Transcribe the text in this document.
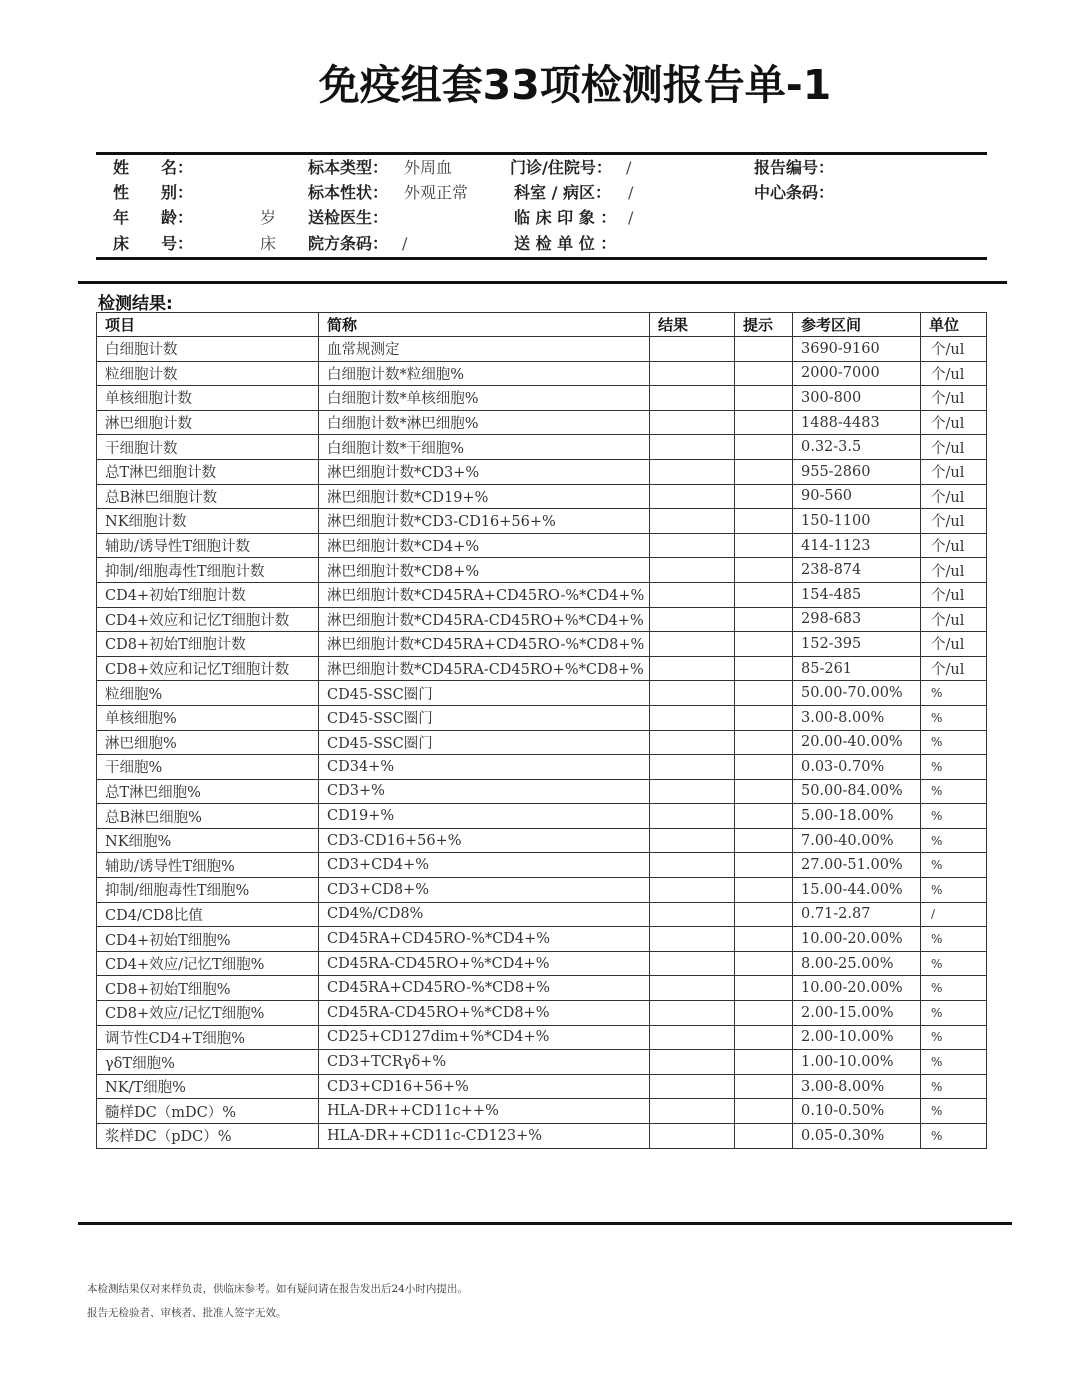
免疫组套33项检测报告单-1
姓　　名：
性　　别：
年　　龄：	岁
床　　号：	床
标本类型： 外周血
标本性状： 外观正常
送检医生：
院方条码： /
门诊/住院号： /
科室 / 病区： /
临 床 印 象 ： /
送 检 单 位 ：
报告编号：
中心条码：
检测结果:
项目	简称	结果	提示	参考区间	单位
白细胞计数	血常规测定			3690-9160	个/ul
粒细胞计数	白细胞计数*粒细胞%			2000-7000	个/ul
单核细胞计数	白细胞计数*单核细胞%			300-800	个/ul
淋巴细胞计数	白细胞计数*淋巴细胞%			1488-4483	个/ul
干细胞计数	白细胞计数*干细胞%			0.32-3.5	个/ul
总T淋巴细胞计数	淋巴细胞计数*CD3+%			955-2860	个/ul
总B淋巴细胞计数	淋巴细胞计数*CD19+%			90-560	个/ul
NK细胞计数	淋巴细胞计数*CD3-CD16+56+%			150-1100	个/ul
辅助/诱导性T细胞计数	淋巴细胞计数*CD4+%			414-1123	个/ul
抑制/细胞毒性T细胞计数	淋巴细胞计数*CD8+%			238-874	个/ul
CD4+初始T细胞计数	淋巴细胞计数*CD45RA+CD45RO-%*CD4+%			154-485	个/ul
CD4+效应和记忆T细胞计数	淋巴细胞计数*CD45RA-CD45RO+%*CD4+%			298-683	个/ul
CD8+初始T细胞计数	淋巴细胞计数*CD45RA+CD45RO-%*CD8+%			152-395	个/ul
CD8+效应和记忆T细胞计数	淋巴细胞计数*CD45RA-CD45RO+%*CD8+%			85-261	个/ul
粒细胞%	CD45-SSC圈门			50.00-70.00%	%
单核细胞%	CD45-SSC圈门			3.00-8.00%	%
淋巴细胞%	CD45-SSC圈门			20.00-40.00%	%
干细胞%	CD34+%			0.03-0.70%	%
总T淋巴细胞%	CD3+%			50.00-84.00%	%
总B淋巴细胞%	CD19+%			5.00-18.00%	%
NK细胞%	CD3-CD16+56+%			7.00-40.00%	%
辅助/诱导性T细胞%	CD3+CD4+%			27.00-51.00%	%
抑制/细胞毒性T细胞%	CD3+CD8+%			15.00-44.00%	%
CD4/CD8比值	CD4%/CD8%			0.71-2.87	/
CD4+初始T细胞%	CD45RA+CD45RO-%*CD4+%			10.00-20.00%	%
CD4+效应/记忆T细胞%	CD45RA-CD45RO+%*CD4+%			8.00-25.00%	%
CD8+初始T细胞%	CD45RA+CD45RO-%*CD8+%			10.00-20.00%	%
CD8+效应/记忆T细胞%	CD45RA-CD45RO+%*CD8+%			2.00-15.00%	%
调节性CD4+T细胞%	CD25+CD127dim+%*CD4+%			2.00-10.00%	%
γδT细胞%	CD3+TCRγδ+%			1.00-10.00%	%
NK/T细胞%	CD3+CD16+56+%			3.00-8.00%	%
髓样DC（mDC）%	HLA-DR++CD11c++%			0.10-0.50%	%
浆样DC（pDC）%	HLA-DR++CD11c-CD123+%			0.05-0.30%	%
本检测结果仅对来样负责，供临床参考。如有疑问请在报告发出后24小时内提出。
报告无检验者、审核者、批准人签字无效。
